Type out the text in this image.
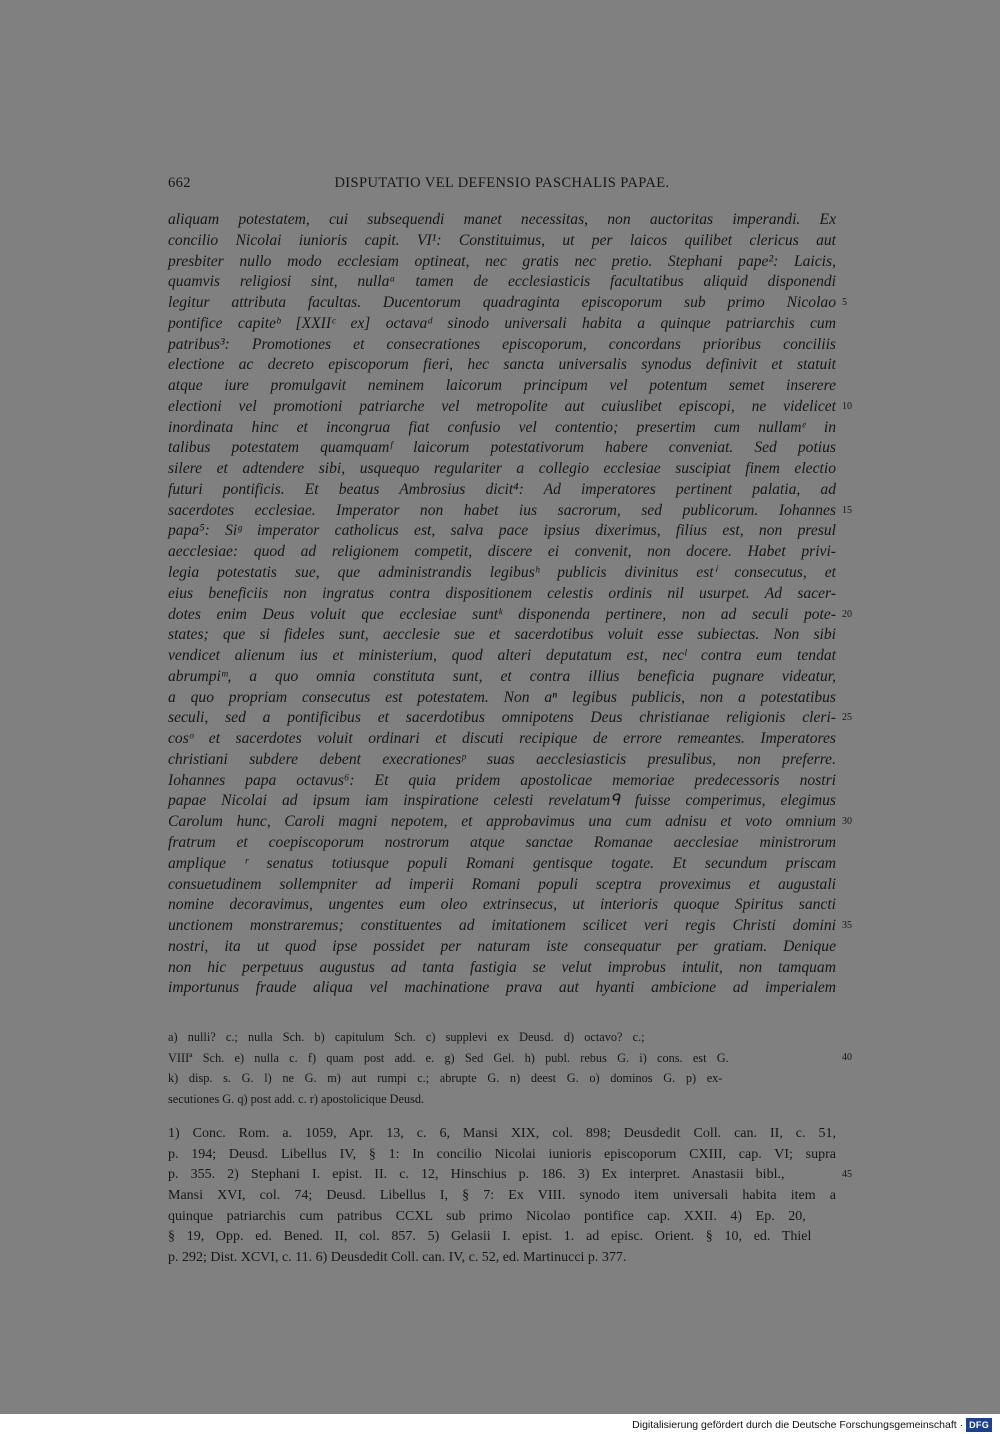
662	DISPUTATIO VEL DEFENSIO PASCHALIS PAPAE.
aliquam potestatem, cui subsequendi manet necessitas, non auctoritas imperandi. Ex
concilio Nicolai iunioris capit. VI¹: Constituimus, ut per laicos quilibet clericus aut
presbiter nullo modo ecclesiam optineat, nec gratis nec pretio. Stephani pape²: Laicis,
quamvis religiosi sint, nullaᵃ tamen de ecclesiasticis facultatibus aliquid disponendi
legitur attributa facultas. Ducentorum quadraginta episcoporum sub primo Nicolao 5
pontifice capiteᵇ [XXIIᶜ ex] octavaᵈ sinodo universali habita a quinque patriarchis cum
patribus³: Promotiones et consecrationes episcoporum, concordans prioribus conciliis
electione ac decreto episcoporum fieri, hec sancta universalis synodus definivit et statuit
atque iure promulgavit neminem laicorum principum vel potentum semet inserere
electioni vel promotioni patriarche vel metropolite aut cuiuslibet episcopi, ne videlicet 10
inordinata hinc et incongrua fiat confusio vel contentio; presertim cum nullamᵉ in
talibus potestatem quamquamᶠ laicorum potestativorum habere conveniat. Sed potius
silere et adtendere sibi, usquequo regulariter a collegio ecclesiae suscipiat finem electio
futuri pontificis. Et beatus Ambrosius dicit⁴: Ad imperatores pertinent palatia, ad
sacerdotes ecclesiae. Imperator non habet ius sacrorum, sed publicorum. Iohannes 15
papa⁵: Siᵍ imperator catholicus est, salva pace ipsius dixerimus, filius est, non presul
aecclesiae: quod ad religionem competit, discere ei convenit, non docere. Habet privi-
legia potestatis sue, que administrandis legibusʰ publicis divinitus estⁱ consecutus, et
eius beneficiis non ingratus contra dispositionem celestis ordinis nil usurpet. Ad sacer-
dotes enim Deus voluit que ecclesiae suntᵏ disponenda pertinere, non ad seculi pote- 20
states; que si fideles sunt, aecclesie sue et sacerdotibus voluit esse subiectas. Non sibi
vendicet alienum ius et ministerium, quod alteri deputatum est, necˡ contra eum tendat
abrumpiᵐ, a quo omnia constituta sunt, et contra illius beneficia pugnare videatur,
a quo propriam consecutus est potestatem. Non aⁿ legibus publicis, non a potestatibus
seculi, sed a pontificibus et sacerdotibus omnipotens Deus christianae religionis cleri- 25
cosᵒ et sacerdotes voluit ordinari et discuti recipique de errore remeantes. Imperatores
christiani subdere debent execrationesᵖ suas aecclesiasticis presulibus, non preferre.
Iohannes papa octavus⁶: Et quia pridem apostolicae memoriae predecessoris nostri
papae Nicolai ad ipsum iam inspiratione celesti revelatumᑫ fuisse comperimus, elegimus
Carolum hunc, Caroli magni nepotem, et approbavimus una cum adnisu et voto omnium 30
fratrum et coepiscoporum nostrorum atque sanctae Romanae aecclesiae ministrorum
amplique ʳ senatus totiusque populi Romani gentisque togate. Et secundum priscam
consuetudinem sollempniter ad imperii Romani populi sceptra proveximus et augustali
nomine decoravimus, ungentes eum oleo extrinsecus, ut interioris quoque Spiritus sancti
unctionem monstraremus; constituentes ad imitationem scilicet veri regis Christi domini 35
nostri, ita ut quod ipse possidet per naturam iste consequatur per gratiam. Denique
non hic perpetuus augustus ad tanta fastigia se velut improbus intulit, non tamquam
importunus fraude aliqua vel machinatione prava aut hyanti ambicione ad imperialem
a) nulli? c.; nulla Sch. b) capitulum Sch. c) supplevi ex Deusd. d) octavo? c.;
VIIIª Sch. e) nulla c. f) quam post add. e. g) Sed Gel. h) publ. rebus G. i) cons. est G.	40
k) disp. s. G. l) ne G. m) aut rumpi c.; abrupte G. n) deest G. o) dominos G. p) ex-
secutiones G. q) post add. c. r) apostolicique Deusd.
1) Conc. Rom. a. 1059, Apr. 13, c. 6, Mansi XIX, col. 898; Deusdedit Coll. can. II, c. 51,
p. 194; Deusd. Libellus IV, § 1: In concilio Nicolai iunioris episcoporum CXIII, cap. VI; supra
p. 355. 2) Stephani I. epist. II. c. 12, Hinschius p. 186. 3) Ex interpret. Anastasii bibl.,	45
Mansi XVI, col. 74; Deusd. Libellus I, § 7: Ex VIII. synodo item universali habita item a
quinque patriarchis cum patribus CCXL sub primo Nicolao pontifice cap. XXII. 4) Ep. 20,
§ 19, Opp. ed. Bened. II, col. 857. 5) Gelasii I. epist. 1. ad episc. Orient. § 10, ed. Thiel
p. 292; Dist. XCVI, c. 11. 6) Deusdedit Coll. can. IV, c. 52, ed. Martinucci p. 377.
Digitalisierung gefördert durch die Deutsche Forschungsgemeinschaft · DFG
